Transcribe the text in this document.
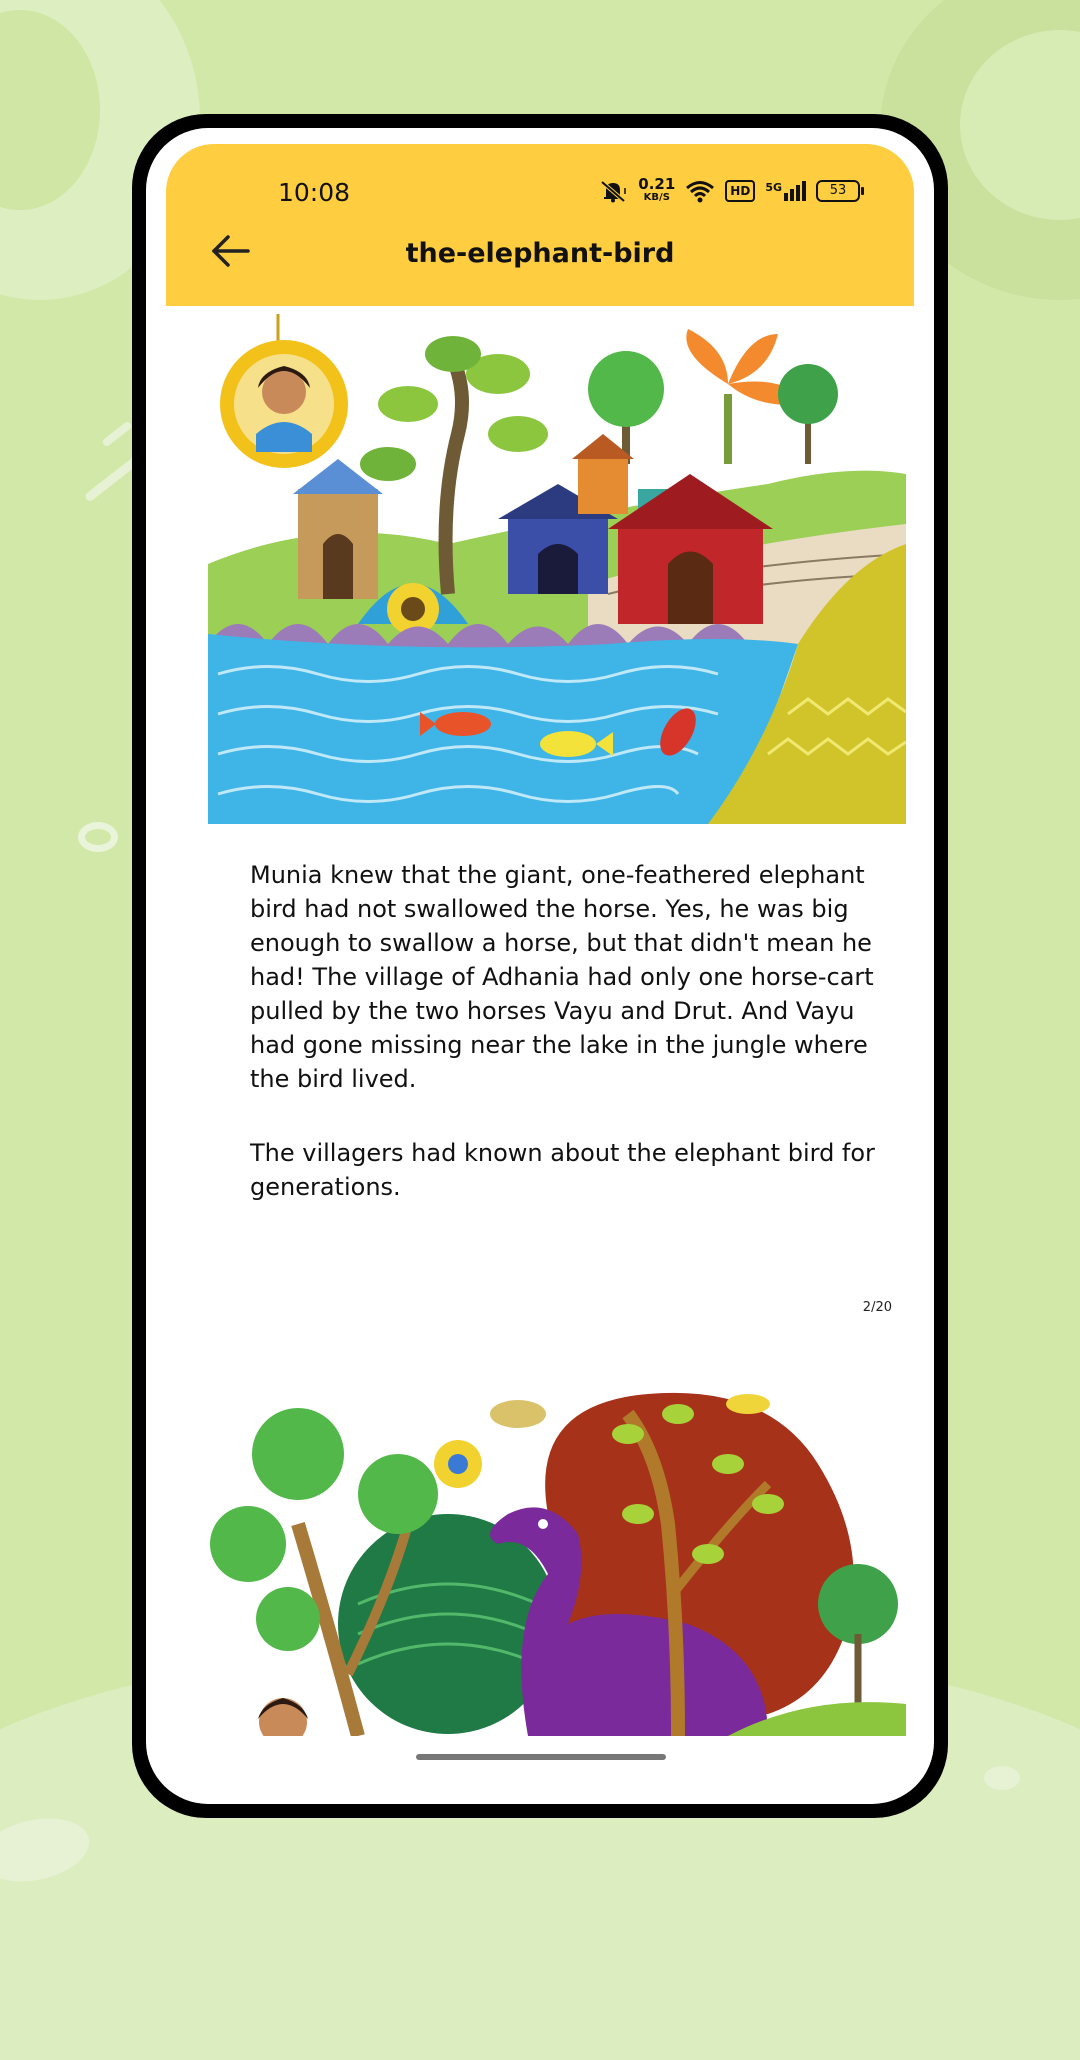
10:08	0.21
KB/S	HD	5G	53
the-elephant-bird

Munia knew that the giant, one-feathered elephant bird had not swallowed the horse. Yes, he was big enough to swallow a horse, but that didn't mean he had! The village of Adhania had only one horse-cart pulled by the two horses Vayu and Drut. And Vayu had gone missing near the lake in the jungle where the bird lived.

The villagers had known about the elephant bird for generations.

2/20
